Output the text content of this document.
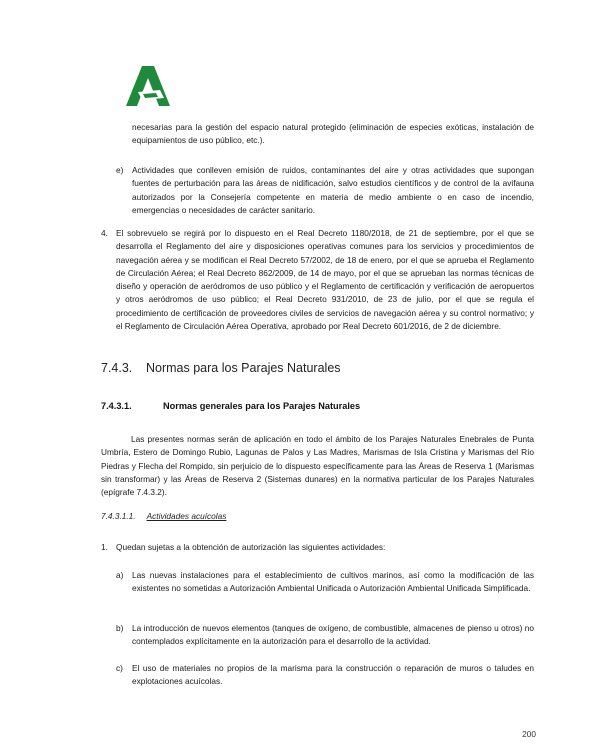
necesarias para la gestión del espacio natural protegido (eliminación de especies exóticas, instalación de equipamientos de uso público, etc.).
e) Actividades que conlleven emisión de ruidos, contaminantes del aire y otras actividades que supongan fuentes de perturbación para las áreas de nidificación, salvo estudios científicos y de control de la avifauna autorizados por la Consejería competente en materia de medio ambiente o en caso de incendio, emergencias o necesidades de carácter sanitario.
4. El sobrevuelo se regirá por lo dispuesto en el Real Decreto 1180/2018, de 21 de septiembre, por el que se desarrolla el Reglamento del aire y disposiciones operativas comunes para los servicios y procedimientos de navegación aérea y se modifican el Real Decreto 57/2002, de 18 de enero, por el que se aprueba el Reglamento de Circulación Aérea; el Real Decreto 862/2009, de 14 de mayo, por el que se aprueban las normas técnicas de diseño y operación de aeródromos de uso público y el Reglamento de certificación y verificación de aeropuertos y otros aeródromos de uso público; el Real Decreto 931/2010, de 23 de julio, por el que se regula el procedimiento de certificación de proveedores civiles de servicios de navegación aérea y su control normativo; y el Reglamento de Circulación Aérea Operativa, aprobado por Real Decreto 601/2016, de 2 de diciembre.
7.4.3. Normas para los Parajes Naturales
7.4.3.1.	Normas generales para los Parajes Naturales
Las presentes normas serán de aplicación en todo el ámbito de los Parajes Naturales Enebrales de Punta Umbría, Estero de Domingo Rubio, Lagunas de Palos y Las Madres, Marismas de Isla Cristina y Marismas del Río Piedras y Flecha del Rompido, sin perjuicio de lo dispuesto específicamente para las Áreas de Reserva 1 (Marismas sin transformar) y las Áreas de Reserva 2 (Sistemas dunares) en la normativa particular de los Parajes Naturales (epígrafe 7.4.3.2).
7.4.3.1.1. Actividades acuícolas
1. Quedan sujetas a la obtención de autorización las siguientes actividades:
a) Las nuevas instalaciones para el establecimiento de cultivos marinos, así como la modificación de las existentes no sometidas a Autorización Ambiental Unificada o Autorización Ambiental Unificada Simplificada.
b) La introducción de nuevos elementos (tanques de oxígeno, de combustible, almacenes de pienso u otros) no contemplados explícitamente en la autorización para el desarrollo de la actividad.
c) El uso de materiales no propios de la marisma para la construcción o reparación de muros o taludes en explotaciones acuícolas.
200
